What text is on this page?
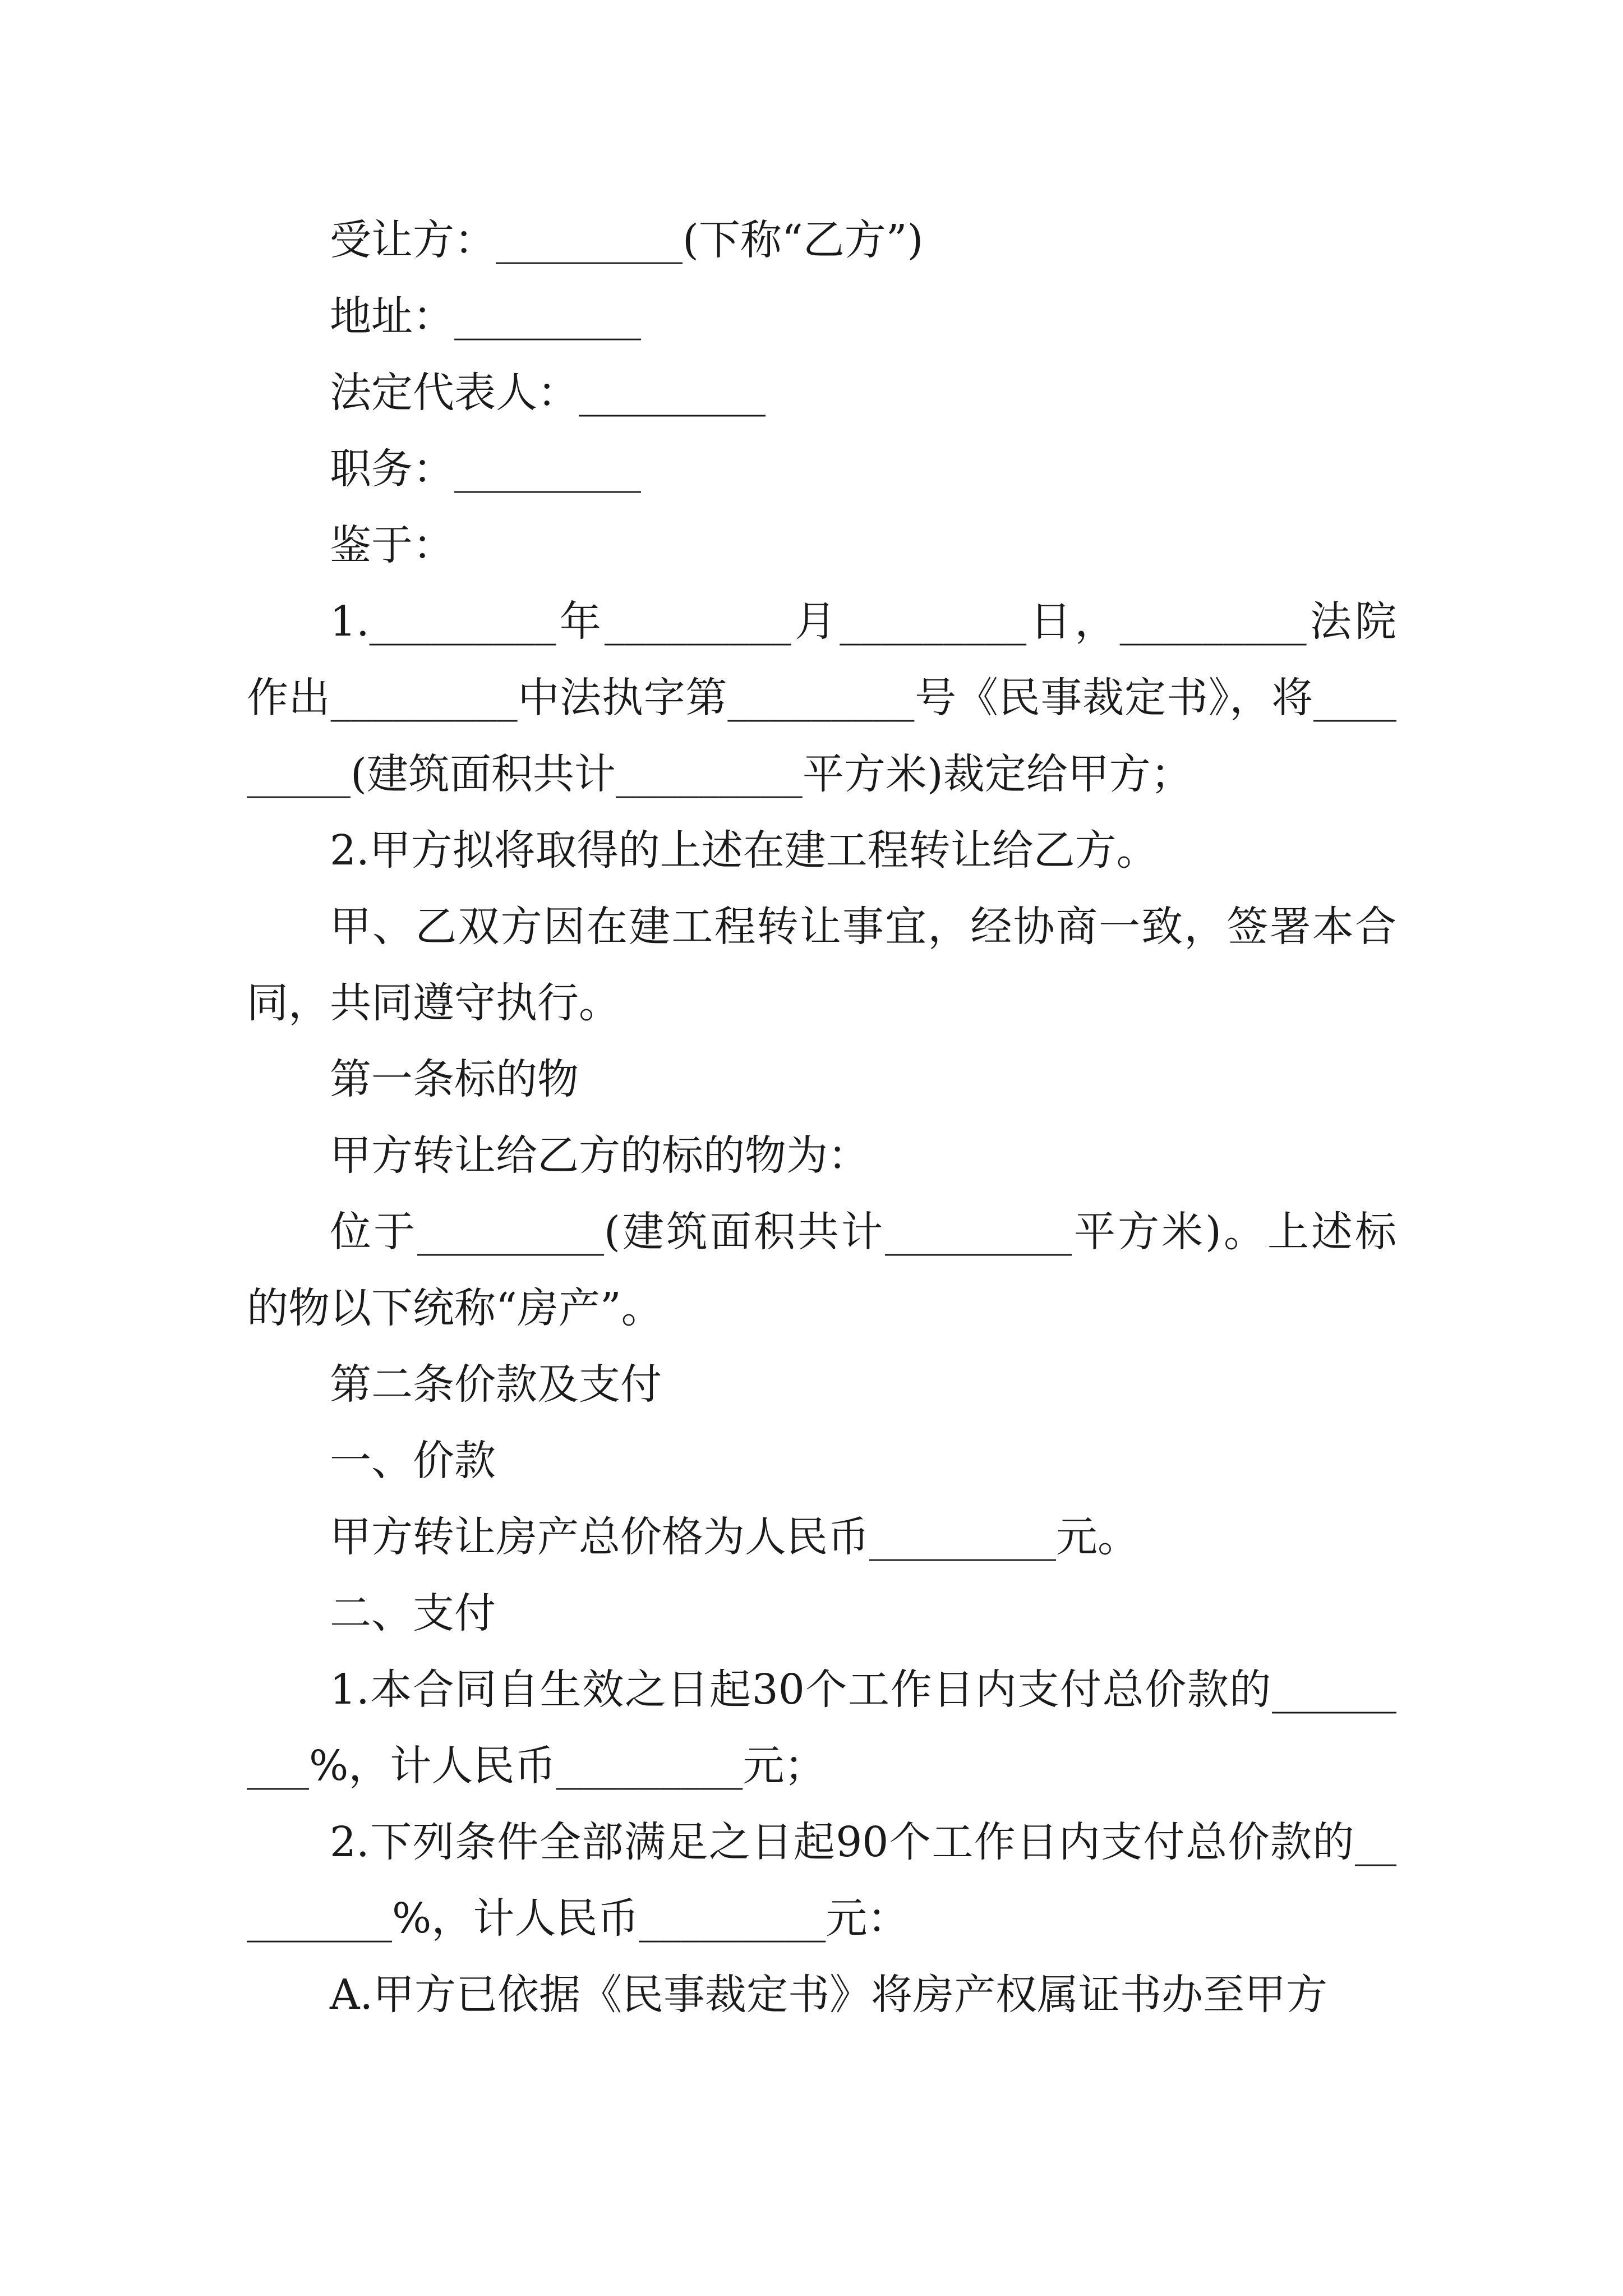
受让方：_________(下称“乙方”)

地址：_________

法定代表人：_________

职务：_________

鉴于：

1._________年_________月_________日，_________法院作出_________中法执字第_________号《民事裁定书》，将_________(建筑面积共计_________平方米)裁定给甲方；

2.甲方拟将取得的上述在建工程转让给乙方。

甲、乙双方因在建工程转让事宜，经协商一致，签署本合同，共同遵守执行。

第一条标的物

甲方转让给乙方的标的物为：

位于_________(建筑面积共计_________平方米)。上述标的物以下统称“房产”。

第二条价款及支付

一、价款

甲方转让房产总价格为人民币_________元。

二、支付

1.本合同自生效之日起30个工作日内支付总价款的_________%，计人民币_________元；

2.下列条件全部满足之日起90个工作日内支付总价款的_________%，计人民币_________元：

A.甲方已依据《民事裁定书》将房产权属证书办至甲方
